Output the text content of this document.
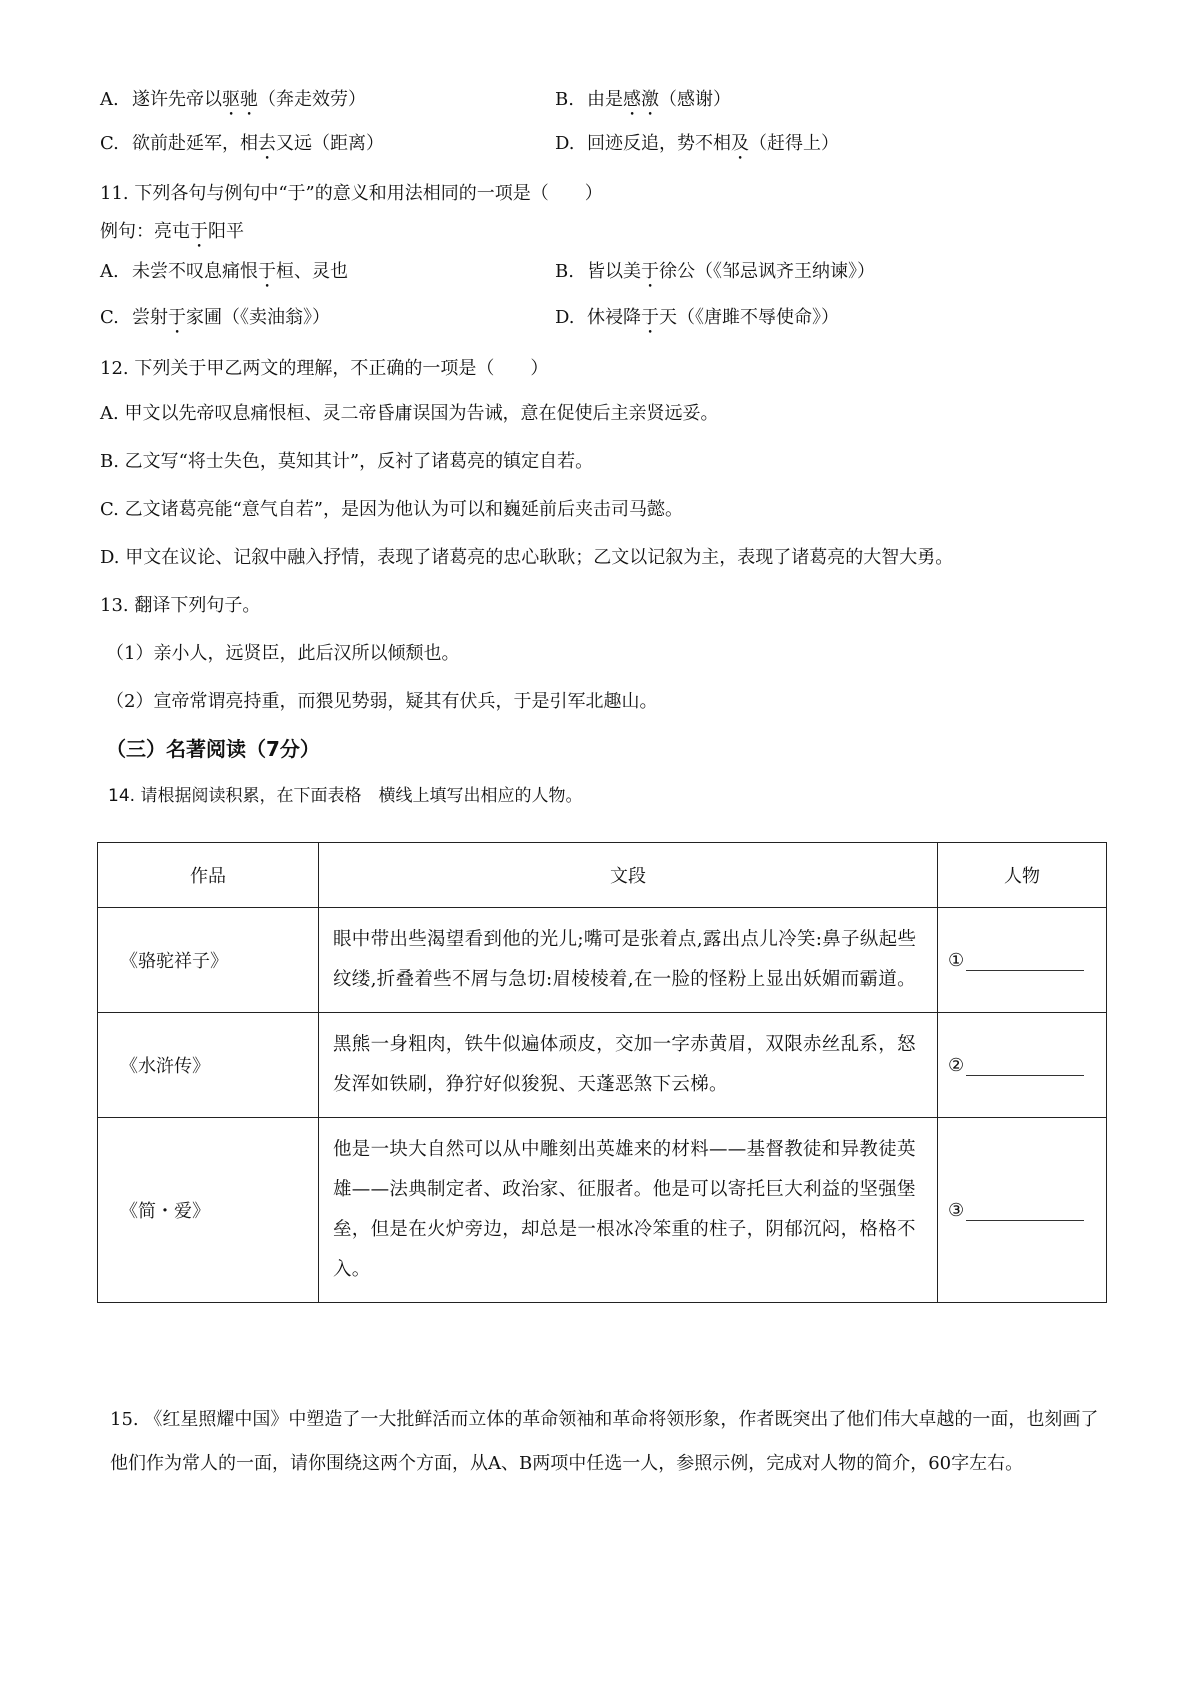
A. 遂许先帝以驱驰（奔走效劳）	B. 由是感激（感谢）
C. 欲前赴延军，相去又远（距离）	D. 回迹反追，势不相及（赶得上）
11. 下列各句与例句中“于”的意义和用法相同的一项是（　　）
例句：亮屯于阳平
A. 未尝不叹息痛恨于桓、灵也	B. 皆以美于徐公（《邹忌讽齐王纳谏》）
C. 尝射于家圃（《卖油翁》）	D. 休祲降于天（《唐雎不辱使命》）
12. 下列关于甲乙两文的理解，不正确的一项是（　　）
A. 甲文以先帝叹息痛恨桓、灵二帝昏庸误国为告诫，意在促使后主亲贤远妥。
B. 乙文写“将士失色，莫知其计”，反衬了诸葛亮的镇定自若。
C. 乙文诸葛亮能“意气自若”，是因为他认为可以和巍延前后夹击司马懿。
D. 甲文在议论、记叙中融入抒情，表现了诸葛亮的忠心耿耿；乙文以记叙为主，表现了诸葛亮的大智大勇。
13. 翻译下列句子。
（1）亲小人，远贤臣，此后汉所以倾颓也。
（2）宣帝常谓亮持重，而猥见势弱，疑其有伏兵，于是引军北趣山。
（三）名著阅读（7分）
14. 请根据阅读积累，在下面表格　横线上填写出相应的人物。
作品	文段	人物
《骆驼祥子》	眼中带出些渴望看到他的光儿;嘴可是张着点,露出点儿冷笑:鼻子纵起些纹缕,折叠着些不屑与急切:眉棱棱着,在一脸的怪粉上显出妖媚而霸道。	①
《水浒传》	黑熊一身粗肉，铁牛似遍体顽皮，交加一字赤黄眉，双限赤丝乱系，怒发浑如铁刷，狰狞好似狻猊、天蓬恶煞下云梯。	②
《简・爱》	他是一块大自然可以从中雕刻出英雄来的材料——基督教徒和异教徒英雄——法典制定者、政治家、征服者。他是可以寄托巨大利益的坚强堡垒，但是在火炉旁边，却总是一根冰冷笨重的柱子，阴郁沉闷，格格不入。	③
15. 《红星照耀中国》中塑造了一大批鲜活而立体的革命领袖和革命将领形象，作者既突出了他们伟大卓越的一面，也刻画了他们作为常人的一面，请你围绕这两个方面，从A、B两项中任选一人，参照示例，完成对人物的简介，60字左右。
